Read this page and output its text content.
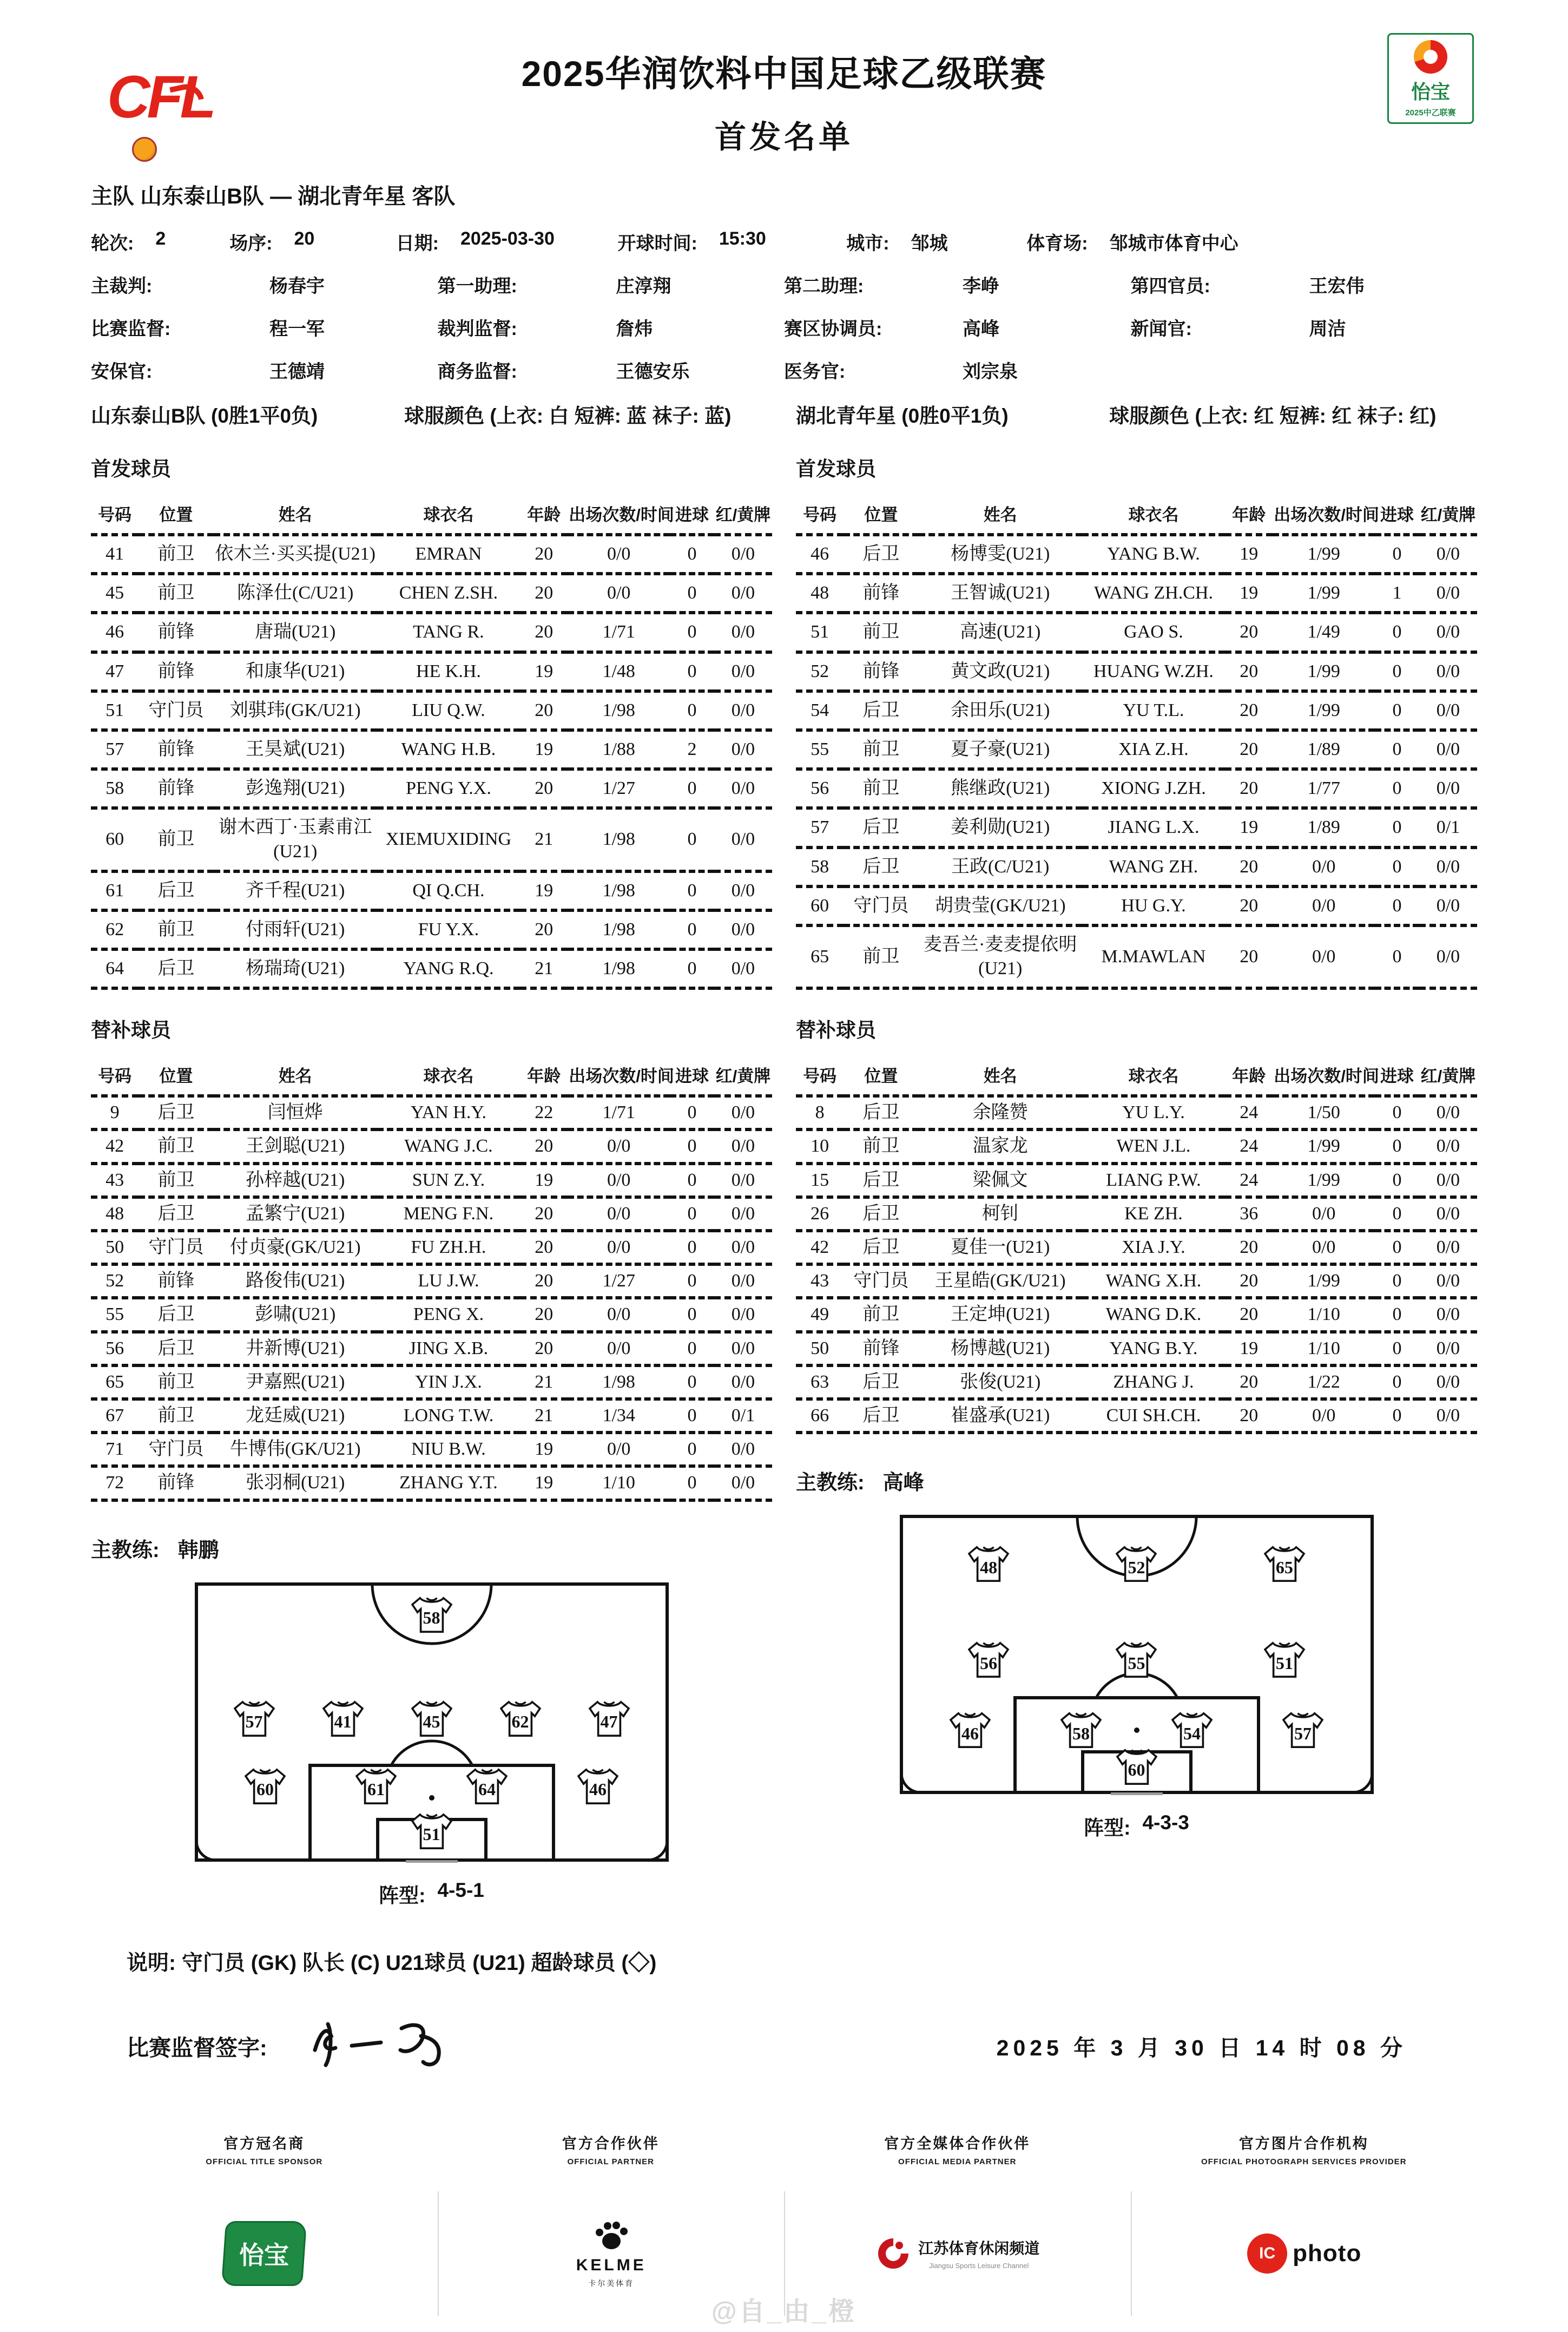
CFL	2025华润饮料中国足球乙级联赛
首发名单
怡宝
2025中乙联赛
主队 山东泰山B队 — 湖北青年星 客队
轮次: 2	场序: 20	日期: 2025-03-30	开球时间: 15:30	城市: 邹城	体育场: 邹城市体育中心
主裁判:	杨春宇	第一助理:	庄淳翔	第二助理:	李峥	第四官员:	王宏伟
比赛监督:	程一军	裁判监督:	詹炜	赛区协调员:	高峰	新闻官:	周洁
安保官:	王德靖	商务监督:	王德安乐	医务官:	刘宗泉
山东泰山B队 (0胜1平0负)	球服颜色 (上衣: 白 短裤: 蓝 袜子: 蓝)
首发球员
号码	位置	姓名	球衣名	年龄	出场次数/时间	进球	红/黄牌
41	前卫	依木兰·买买提(U21)	EMRAN	20	0/0	0	0/0
45	前卫	陈泽仕(C/U21)	CHEN Z.SH.	20	0/0	0	0/0
46	前锋	唐瑞(U21)	TANG R.	20	1/71	0	0/0
47	前锋	和康华(U21)	HE K.H.	19	1/48	0	0/0
51	守门员	刘骐玮(GK/U21)	LIU Q.W.	20	1/98	0	0/0
57	前锋	王昊斌(U21)	WANG H.B.	19	1/88	2	0/0
58	前锋	彭逸翔(U21)	PENG Y.X.	20	1/27	0	0/0
60	前卫	谢木西丁·玉素甫江(U21)	XIEMUXIDING	21	1/98	0	0/0
61	后卫	齐千程(U21)	QI Q.CH.	19	1/98	0	0/0
62	前卫	付雨轩(U21)	FU Y.X.	20	1/98	0	0/0
64	后卫	杨瑞琦(U21)	YANG R.Q.	21	1/98	0	0/0
替补球员
号码	位置	姓名	球衣名	年龄	出场次数/时间	进球	红/黄牌
9	后卫	闫恒烨	YAN H.Y.	22	1/71	0	0/0
42	前卫	王剑聪(U21)	WANG J.C.	20	0/0	0	0/0
43	前卫	孙梓越(U21)	SUN Z.Y.	19	0/0	0	0/0
48	后卫	孟繁宁(U21)	MENG F.N.	20	0/0	0	0/0
50	守门员	付贞豪(GK/U21)	FU ZH.H.	20	0/0	0	0/0
52	前锋	路俊伟(U21)	LU J.W.	20	1/27	0	0/0
55	后卫	彭啸(U21)	PENG X.	20	0/0	0	0/0
56	后卫	井新博(U21)	JING X.B.	20	0/0	0	0/0
65	前卫	尹嘉熙(U21)	YIN J.X.	21	1/98	0	0/0
67	前卫	龙廷威(U21)	LONG T.W.	21	1/34	0	0/1
71	守门员	牛博伟(GK/U21)	NIU B.W.	19	0/0	0	0/0
72	前锋	张羽桐(U21)	ZHANG Y.T.	19	1/10	0	0/0
主教练: 韩鹏
58
57	41	45	62	47
60	61	64	46
51
阵型: 4-5-1
湖北青年星 (0胜0平1负)	球服颜色 (上衣: 红 短裤: 红 袜子: 红)
首发球员
号码	位置	姓名	球衣名	年龄	出场次数/时间	进球	红/黄牌
46	后卫	杨博雯(U21)	YANG B.W.	19	1/99	0	0/0
48	前锋	王智诚(U21)	WANG ZH.CH.	19	1/99	1	0/0
51	前卫	高速(U21)	GAO S.	20	1/49	0	0/0
52	前锋	黄文政(U21)	HUANG W.ZH.	20	1/99	0	0/0
54	后卫	余田乐(U21)	YU T.L.	20	1/99	0	0/0
55	前卫	夏子豪(U21)	XIA Z.H.	20	1/89	0	0/0
56	前卫	熊继政(U21)	XIONG J.ZH.	20	1/77	0	0/0
57	后卫	姜利勋(U21)	JIANG L.X.	19	1/89	0	0/1
58	后卫	王政(C/U21)	WANG ZH.	20	0/0	0	0/0
60	守门员	胡贵莹(GK/U21)	HU G.Y.	20	0/0	0	0/0
65	前卫	麦吾兰·麦麦提依明(U21)	M.MAWLAN	20	0/0	0	0/0
替补球员
号码	位置	姓名	球衣名	年龄	出场次数/时间	进球	红/黄牌
8	后卫	余隆赞	YU L.Y.	24	1/50	0	0/0
10	前卫	温家龙	WEN J.L.	24	1/99	0	0/0
15	后卫	梁佩文	LIANG P.W.	24	1/99	0	0/0
26	后卫	柯钊	KE ZH.	36	0/0	0	0/0
42	后卫	夏佳一(U21)	XIA J.Y.	20	0/0	0	0/0
43	守门员	王星皓(GK/U21)	WANG X.H.	20	1/99	0	0/0
49	前卫	王定坤(U21)	WANG D.K.	20	1/10	0	0/0
50	前锋	杨博越(U21)	YANG B.Y.	19	1/10	0	0/0
63	后卫	张俊(U21)	ZHANG J.	20	1/22	0	0/0
66	后卫	崔盛承(U21)	CUI SH.CH.	20	0/0	0	0/0
主教练: 高峰
48	52	65
56	55	51
46	58	54	57
60
阵型: 4-3-3
说明: 守门员 (GK) 队长 (C) U21球员 (U21) 超龄球员 (◇)
比赛监督签字:	2025 年 3 月 30 日 14 时 08 分
官方冠名商
OFFICIAL TITLE SPONSOR
怡宝
官方合作伙伴
OFFICIAL PARTNER
KELME
卡尔美体育
官方全媒体合作伙伴
OFFICIAL MEDIA PARTNER
江苏体育休闲频道
Jiangsu Sports Leisure Channel
官方图片合作机构
OFFICIAL PHOTOGRAPH SERVICES PROVIDER
IC photo
@自_由_橙
